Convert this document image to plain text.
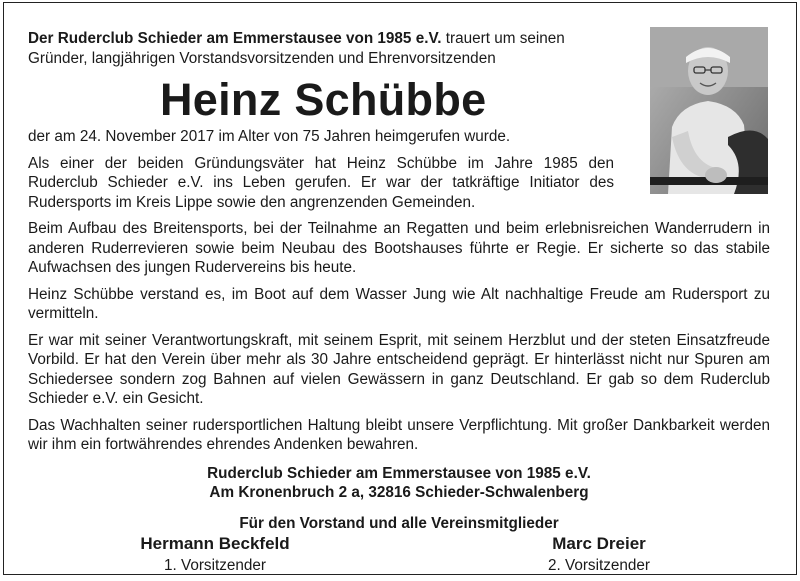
Der Ruderclub Schieder am Emmerstausee von 1985 e.V. trauert um seinen Gründer, langjährigen Vorstandsvorsitzenden und Ehrenvorsitzenden

Heinz Schübbe

der am 24. November 2017 im Alter von 75 Jahren heimgerufen wurde.

Als einer der beiden Gründungsväter hat Heinz Schübbe im Jahre 1985 den Ruderclub Schieder e.V. ins Leben gerufen. Er war der tatkräftige Initiator des Rudersports im Kreis Lippe sowie den angrenzenden Gemeinden.

Beim Aufbau des Breitensports, bei der Teilnahme an Regatten und beim erlebnisreichen Wanderrudern in anderen Ruderrevieren sowie beim Neubau des Bootshauses führte er Regie. Er sicherte so das stabile Aufwachsen des jungen Rudervereins bis heute.

Heinz Schübbe verstand es, im Boot auf dem Wasser Jung wie Alt nachhaltige Freude am Rudersport zu vermitteln.

Er war mit seiner Verantwortungskraft, mit seinem Esprit, mit seinem Herzblut und der steten Einsatzfreude Vorbild. Er hat den Verein über mehr als 30 Jahre entscheidend geprägt. Er hinterlässt nicht nur Spuren am Schiedersee sondern zog Bahnen auf vielen Gewässern in ganz Deutschland. Er gab so dem Ruderclub Schieder e.V. ein Gesicht.

Das Wachhalten seiner rudersportlichen Haltung bleibt unsere Verpflichtung. Mit großer Dankbarkeit werden wir ihm ein fortwährendes ehrendes Andenken bewahren.

Ruderclub Schieder am Emmerstausee von 1985 e.V.
Am Kronenbruch 2 a, 32816 Schieder-Schwalenberg
Für den Vorstand und alle Vereinsmitglieder
Hermann Beckfeld
1. Vorsitzender
Marc Dreier
2. Vorsitzender
